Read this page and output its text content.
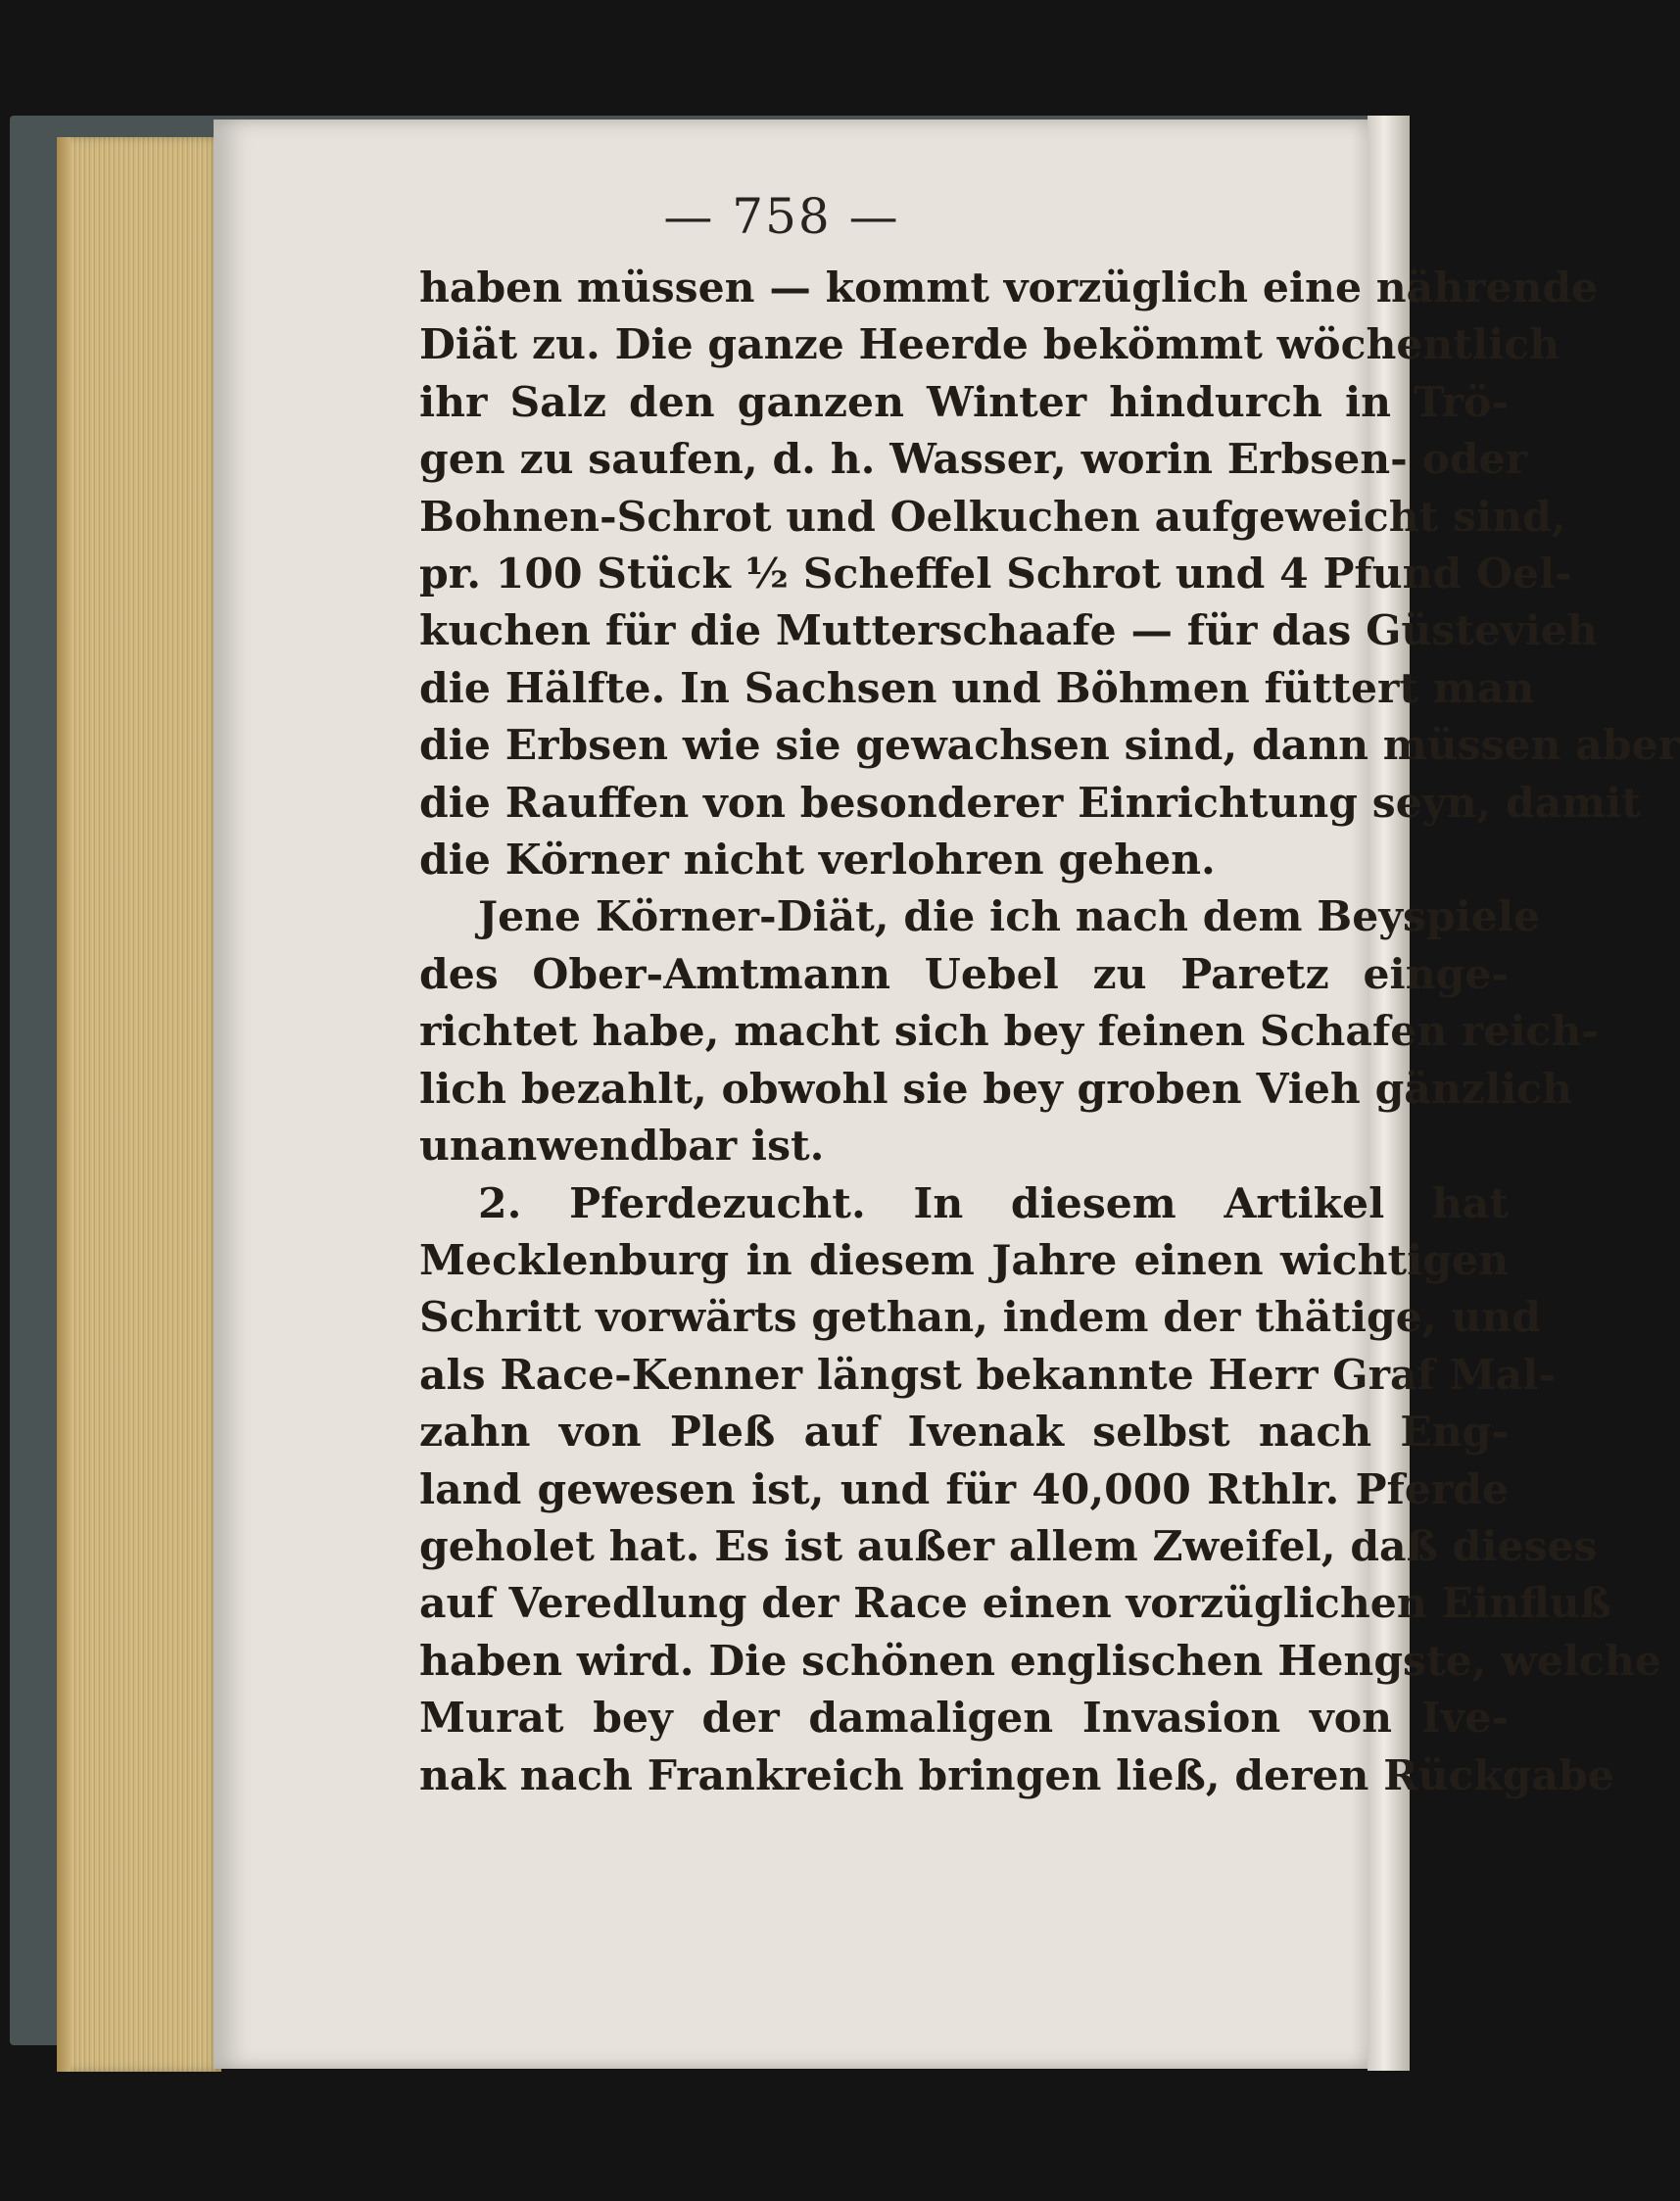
— 758 —
haben müssen — kommt vorzüglich eine nährende
Diät zu. Die ganze Heerde bekömmt wöchentlich
ihr Salz den ganzen Winter hindurch in Trö-
gen zu saufen, d. h. Wasser, worin Erbsen- oder
Bohnen-Schrot und Oelkuchen aufgeweicht sind,
pr. 100 Stück ½ Scheffel Schrot und 4 Pfund Oel-
kuchen für die Mutterschaafe — für das Güstevieh
die Hälfte. In Sachsen und Böhmen füttert man
die Erbsen wie sie gewachsen sind, dann müssen aber
die Rauffen von besonderer Einrichtung seyn, damit
die Körner nicht verlohren gehen.
Jene Körner-Diät, die ich nach dem Beyspiele
des Ober-Amtmann Uebel zu Paretz einge-
richtet habe, macht sich bey feinen Schafen reich-
lich bezahlt, obwohl sie bey groben Vieh gänzlich
unanwendbar ist.
2. Pferdezucht. In diesem Artikel hat
Mecklenburg in diesem Jahre einen wichtigen
Schritt vorwärts gethan, indem der thätige, und
als Race-Kenner längst bekannte Herr Graf Mal-
zahn von Pleß auf Ivenak selbst nach Eng-
land gewesen ist, und für 40,000 Rthlr. Pferde
geholet hat. Es ist außer allem Zweifel, daß dieses
auf Veredlung der Race einen vorzüglichen Einfluß
haben wird. Die schönen englischen Hengste, welche
Murat bey der damaligen Invasion von Ive-
nak nach Frankreich bringen ließ, deren Rückgabe
